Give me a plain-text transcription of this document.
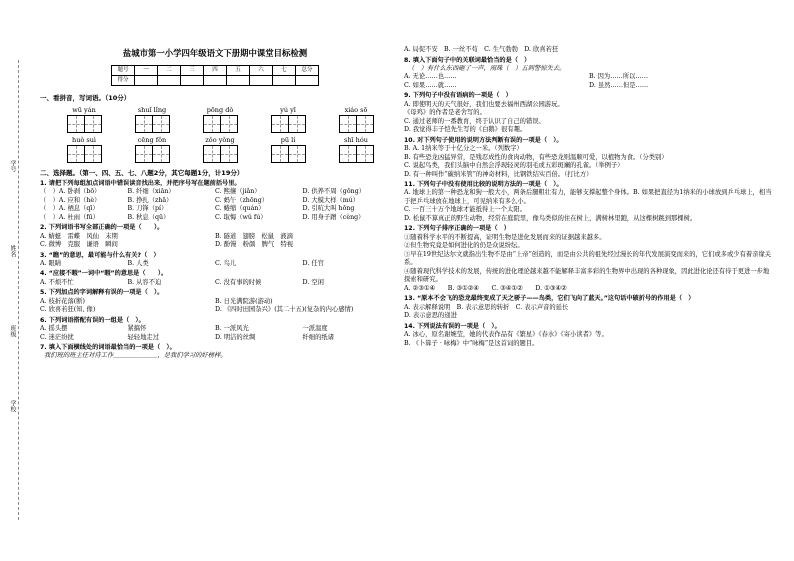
学号
姓名
班级
学校
盐城市第一小学四年级语文下册期中课堂目标检测
题号	一	二	三	四	五	六	七	总分
得分								
一、看拼音，写词语。（10分）
wū yán	shuǐ lǐng	pōng dǒ	yú yī	xiáo sō
huǒ suì	cēng fǒn	zǒo yǒng	pū lí	shī hóu
二、选择题。（第一、四、五、七、八题2分，其它每题1分，计19分）
1. 请把下列每组加点词语中错误读音找出来，并把序号写在题前括号里。
（　）A. 卧剥（bō）	B. 纤细（xiān）	C. 熙攘（jiǎn）	D. 供养不周（gōng）
（　）A. 应和（hè）	B. 挣扎（zhā）	C. 蚂午（zhōng）	D. 大模大样（mú）
（　）A. 栖息（qī）	B. 刀锋（pí）	C. 蜷缩（quán）	D. 引吭大叫 hōng
（　）A. 杜雨（fū）	B. 秋息（qū）	C. 取悔（wǔ fú）	D. 用身子蹭（cèng）
2. 下列词语书写全部正确的一项是（　　）。
A. 蜻蜓　雷蝶　风仙　末期	B. 隧道　翅膀　松鼠　液滴
C. 微博　克服　谦语　瞬间	D. 酚馒　粉颜　脾气　特视
3. “瞧”的意思，最可能与什么有关?（　）
A. 眼睛	B. 人类	C. 鸟儿	D. 任官
4. “应接不暇”一词中“暇”的意思是（　　）。
A. 不烦不忙	B. 从容不迫	C. 没有事的时候	D. 空闲
5. 下列加点的字词解释有误的一项是（　）。
A. 枝折花落(断)	B. 日光满院游(游动)
C. 欣喜若狂(知, 像)	D. 《四时田园杂兴》(其二十五)(复杂的内心感情)
6. 下列词语搭配有误的一组是（　）。
A. 摇头摆	紧搞怀	B. 一派风光	一派温度
C. 迷茫纷扰	轻轻地走过	D. 明洁的丝绸	纤细的纸诸
7. 填入下面横线处的词语最恰当的一项是（　）。
我们班的班主任对待工作＿＿＿＿＿＿＿，是我们学习的好榜样。
A. 局促不安　B. 一丝不苟　C. 生气勃勃　D. 欣喜若狂
8. 填入下面句子中的关联词最恰当的是（　）
（　）有什么东西砸了一声，雨珠（　）五到警惊失去。
A. 无论……也……	B. 因为……所以……
C. 如果……就……	D. 虽然……但是……
9. 下列句子中没有语病的一项是（　）
A. 即使明天的天气很好，我们也要去福州西湖公园游玩。
《母鸡》的作者是老舍写的。
C. 通过老师的一番教育，终于认识了自己的错误。
D. 我觉得丰子恺先生写的《白鹅》很有趣。
10. 对下列句子使用的说明方法判断有误的一项是（　）。
B. A. 1纳米等于十亿分之一米。（列数字）
B. 有些恐龙凶猛异常，是残忍成性的食肉动物，有些恐龙则温顺可爱，以植物为食。（分类别）
C. 说起鸟类，我们头脑中自然会浮现轻灵的羽毛或五彩斑斓的孔雀。（举例子）
D. 有一种叫作“碳纳米管”的神奇材料，比钢铁结实百倍。（打比方）
11. 下列句子中没有使用比较的说明方法的一项是（　）。
A. 地球上的第一种恐龙和狗一般大小，两条后腿粗壮有力，能够支撑起整个身体。B. 如果把直径为1纳米的小球放到乒乓球上，相当于把乒乓球放在地球上，可见纳米有多么小。
C. 一百三十万个地球才能抵得上一个太阳。
D. 松鼠不算真正的野生动物，经常在庭院里，像鸟类似的住在树上，满树林里跑，从这棵树跳到那棵树。
12. 下列句子排序正确的一项是（　）
①随着科学水平的不断提高，证明生物是进化发展而来的证据越来越多。
②但生物究竟是如何进化的仍是众说纷纭。
③早在19世纪达尔文就指出生物不是由“上帝”创造的，而是由公共的祖先经过漫长的年代发展演变而来的，它们或多或少有着亲缘关系。
④随着现代科学技术的发展，传统的进化理论越来越不能解释丰富多彩的生物界中出现的各种现象，因此进化论还有待于更进一步地探索和研究。
A. ②③①④　　B. ③①②④　　C. ③④①②　　D. ①③④②
13. “原本不会飞的恐龙最终变成了天之骄子——鸟类，它们飞向了蓝天。”这句话中破折号的作用是（　）
A. 表示解释说明　B. 表示意思的转折　C. 表示声音的延长
D. 表示意思的递进
14. 下列说法有误的一项是（　）。
A. 冰心，原名谢婉莹，她的代表作品有《繁星》《春水》《寄小读者》等。
B. 《卜算子 · 咏梅》中“咏梅”是这首词的题目。
